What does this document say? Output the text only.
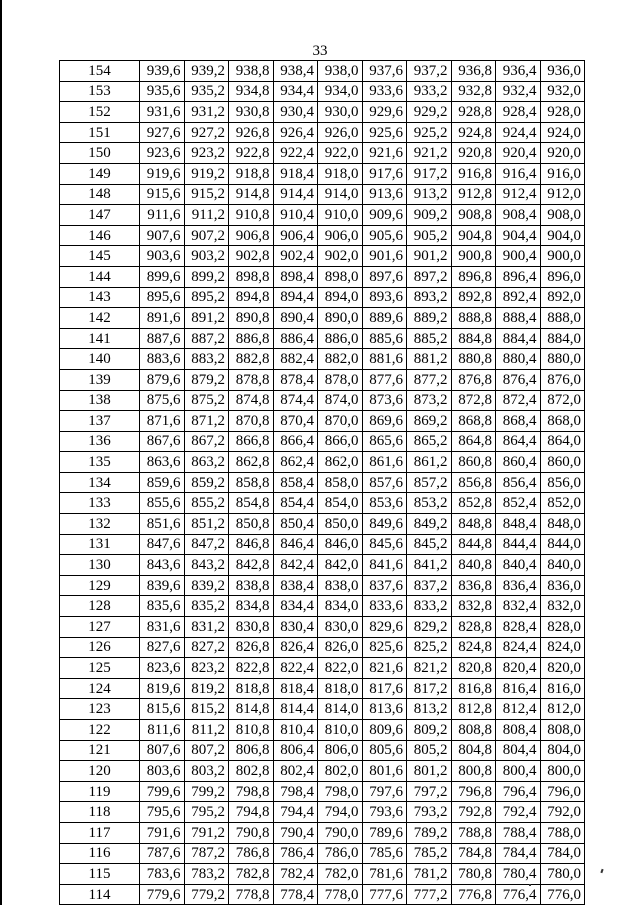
33
154	939,6	939,2	938,8	938,4	938,0	937,6	937,2	936,8	936,4	936,0
153	935,6	935,2	934,8	934,4	934,0	933,6	933,2	932,8	932,4	932,0
152	931,6	931,2	930,8	930,4	930,0	929,6	929,2	928,8	928,4	928,0
151	927,6	927,2	926,8	926,4	926,0	925,6	925,2	924,8	924,4	924,0
150	923,6	923,2	922,8	922,4	922,0	921,6	921,2	920,8	920,4	920,0
149	919,6	919,2	918,8	918,4	918,0	917,6	917,2	916,8	916,4	916,0
148	915,6	915,2	914,8	914,4	914,0	913,6	913,2	912,8	912,4	912,0
147	911,6	911,2	910,8	910,4	910,0	909,6	909,2	908,8	908,4	908,0
146	907,6	907,2	906,8	906,4	906,0	905,6	905,2	904,8	904,4	904,0
145	903,6	903,2	902,8	902,4	902,0	901,6	901,2	900,8	900,4	900,0
144	899,6	899,2	898,8	898,4	898,0	897,6	897,2	896,8	896,4	896,0
143	895,6	895,2	894,8	894,4	894,0	893,6	893,2	892,8	892,4	892,0
142	891,6	891,2	890,8	890,4	890,0	889,6	889,2	888,8	888,4	888,0
141	887,6	887,2	886,8	886,4	886,0	885,6	885,2	884,8	884,4	884,0
140	883,6	883,2	882,8	882,4	882,0	881,6	881,2	880,8	880,4	880,0
139	879,6	879,2	878,8	878,4	878,0	877,6	877,2	876,8	876,4	876,0
138	875,6	875,2	874,8	874,4	874,0	873,6	873,2	872,8	872,4	872,0
137	871,6	871,2	870,8	870,4	870,0	869,6	869,2	868,8	868,4	868,0
136	867,6	867,2	866,8	866,4	866,0	865,6	865,2	864,8	864,4	864,0
135	863,6	863,2	862,8	862,4	862,0	861,6	861,2	860,8	860,4	860,0
134	859,6	859,2	858,8	858,4	858,0	857,6	857,2	856,8	856,4	856,0
133	855,6	855,2	854,8	854,4	854,0	853,6	853,2	852,8	852,4	852,0
132	851,6	851,2	850,8	850,4	850,0	849,6	849,2	848,8	848,4	848,0
131	847,6	847,2	846,8	846,4	846,0	845,6	845,2	844,8	844,4	844,0
130	843,6	843,2	842,8	842,4	842,0	841,6	841,2	840,8	840,4	840,0
129	839,6	839,2	838,8	838,4	838,0	837,6	837,2	836,8	836,4	836,0
128	835,6	835,2	834,8	834,4	834,0	833,6	833,2	832,8	832,4	832,0
127	831,6	831,2	830,8	830,4	830,0	829,6	829,2	828,8	828,4	828,0
126	827,6	827,2	826,8	826,4	826,0	825,6	825,2	824,8	824,4	824,0
125	823,6	823,2	822,8	822,4	822,0	821,6	821,2	820,8	820,4	820,0
124	819,6	819,2	818,8	818,4	818,0	817,6	817,2	816,8	816,4	816,0
123	815,6	815,2	814,8	814,4	814,0	813,6	813,2	812,8	812,4	812,0
122	811,6	811,2	810,8	810,4	810,0	809,6	809,2	808,8	808,4	808,0
121	807,6	807,2	806,8	806,4	806,0	805,6	805,2	804,8	804,4	804,0
120	803,6	803,2	802,8	802,4	802,0	801,6	801,2	800,8	800,4	800,0
119	799,6	799,2	798,8	798,4	798,0	797,6	797,2	796,8	796,4	796,0
118	795,6	795,2	794,8	794,4	794,0	793,6	793,2	792,8	792,4	792,0
117	791,6	791,2	790,8	790,4	790,0	789,6	789,2	788,8	788,4	788,0
116	787,6	787,2	786,8	786,4	786,0	785,6	785,2	784,8	784,4	784,0
115	783,6	783,2	782,8	782,4	782,0	781,6	781,2	780,8	780,4	780,0
114	779,6	779,2	778,8	778,4	778,0	777,6	777,2	776,8	776,4	776,0
